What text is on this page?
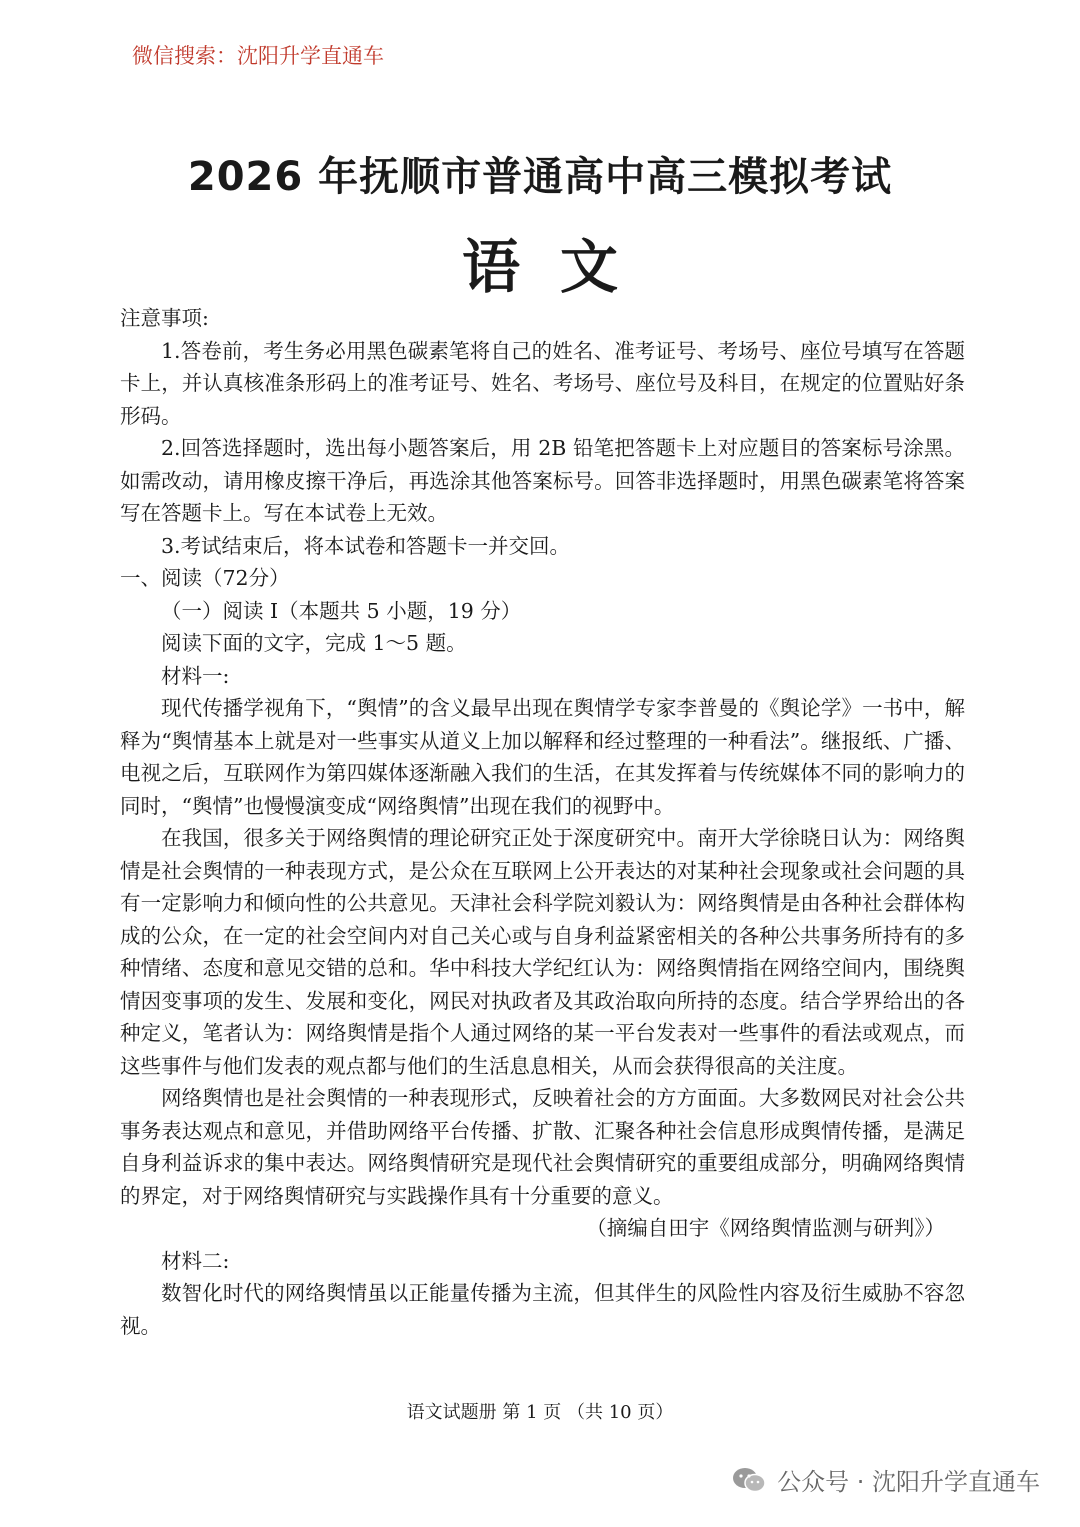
微信搜索：沈阳升学直通车
2026 年抚顺市普通高中高三模拟考试
语文

注意事项:

1.答卷前，考生务必用黑色碳素笔将自己的姓名、准考证号、考场号、座位号填写在答题卡上，并认真核准条形码上的准考证号、姓名、考场号、座位号及科目，在规定的位置贴好条形码。

2.回答选择题时，选出每小题答案后，用 2B 铅笔把答题卡上对应题目的答案标号涂黑。如需改动，请用橡皮擦干净后，再选涂其他答案标号。回答非选择题时，用黑色碳素笔将答案写在答题卡上。写在本试卷上无效。

3.考试结束后，将本试卷和答题卡一并交回。

一、阅读（72分）

（一）阅读 I（本题共 5 小题，19 分）

阅读下面的文字，完成 1～5 题。

材料一:

现代传播学视角下，“舆情”的含义最早出现在舆情学专家李普曼的《舆论学》一书中，解释为“舆情基本上就是对一些事实从道义上加以解释和经过整理的一种看法”。继报纸、广播、电视之后，互联网作为第四媒体逐渐融入我们的生活，在其发挥着与传统媒体不同的影响力的同时，“舆情”也慢慢演变成“网络舆情”出现在我们的视野中。

在我国，很多关于网络舆情的理论研究正处于深度研究中。南开大学徐晓日认为：网络舆情是社会舆情的一种表现方式，是公众在互联网上公开表达的对某种社会现象或社会问题的具有一定影响力和倾向性的公共意见。天津社会科学院刘毅认为：网络舆情是由各种社会群体构成的公众，在一定的社会空间内对自己关心或与自身利益紧密相关的各种公共事务所持有的多种情绪、态度和意见交错的总和。华中科技大学纪红认为：网络舆情指在网络空间内，围绕舆情因变事项的发生、发展和变化，网民对执政者及其政治取向所持的态度。结合学界给出的各种定义，笔者认为：网络舆情是指个人通过网络的某一平台发表对一些事件的看法或观点，而这些事件与他们发表的观点都与他们的生活息息相关，从而会获得很高的关注度。

网络舆情也是社会舆情的一种表现形式，反映着社会的方方面面。大多数网民对社会公共事务表达观点和意见，并借助网络平台传播、扩散、汇聚各种社会信息形成舆情传播，是满足自身利益诉求的集中表达。网络舆情研究是现代社会舆情研究的重要组成部分，明确网络舆情的界定，对于网络舆情研究与实践操作具有十分重要的意义。

（摘编自田宇《网络舆情监测与研判》）

材料二:

数智化时代的网络舆情虽以正能量传播为主流，但其伴生的风险性内容及衍生威胁不容忽视。

语文试题册 第 1 页 （共 10 页）
公众号 · 沈阳升学直通车
